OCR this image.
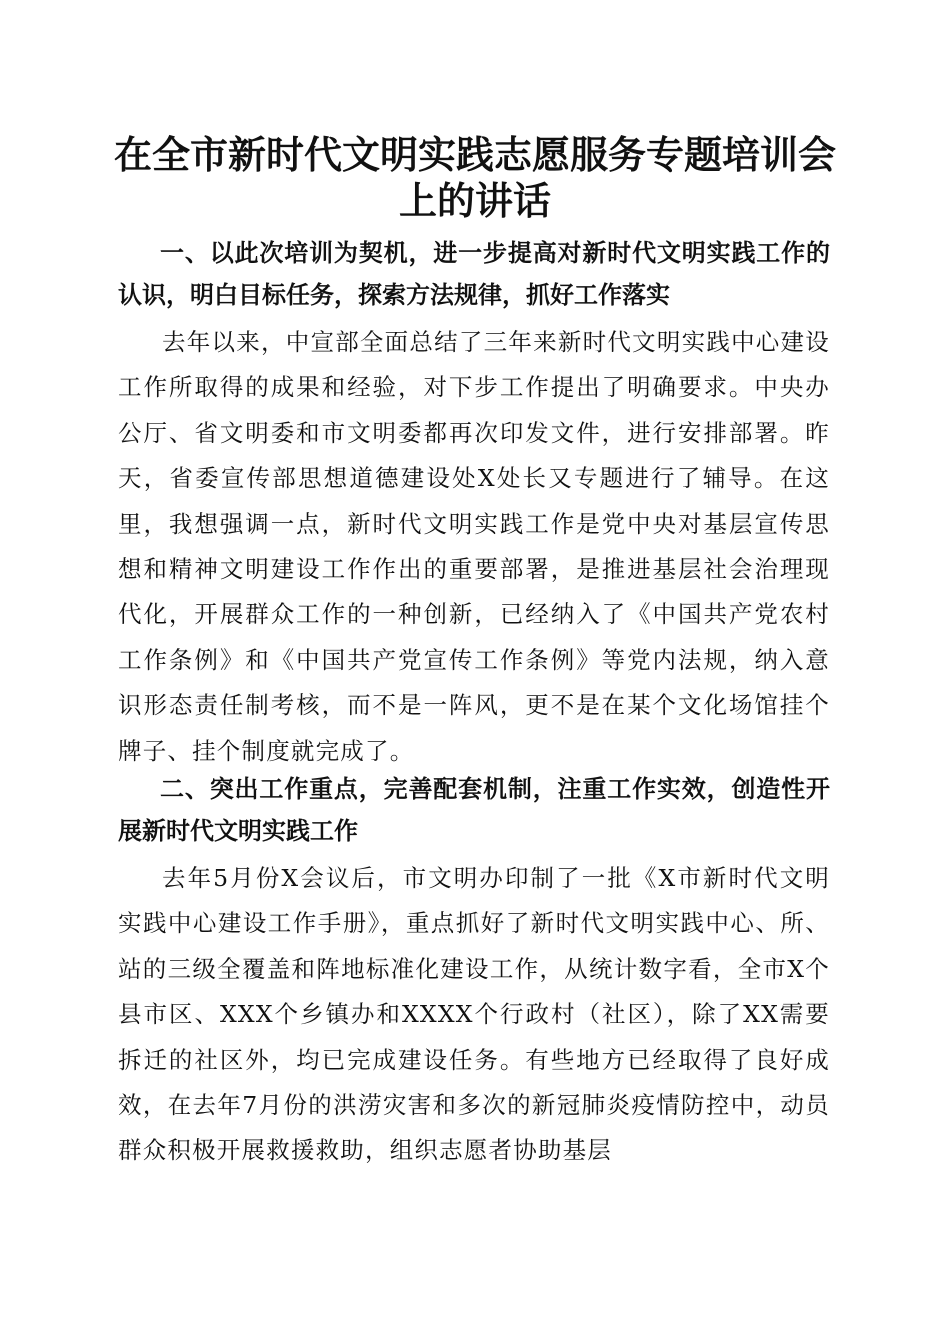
在全市新时代文明实践志愿服务专题培训会上的讲话
一、以此次培训为契机，进一步提高对新时代文明实践工作的认识，明白目标任务，探索方法规律，抓好工作落实

去年以来，中宣部全面总结了三年来新时代文明实践中心建设工作所取得的成果和经验，对下步工作提出了明确要求。中央办公厅、省文明委和市文明委都再次印发文件，进行安排部署。昨天，省委宣传部思想道德建设处X处长又专题进行了辅导。在这里，我想强调一点，新时代文明实践工作是党中央对基层宣传思想和精神文明建设工作作出的重要部署，是推进基层社会治理现代化，开展群众工作的一种创新，已经纳入了《中国共产党农村工作条例》和《中国共产党宣传工作条例》等党内法规，纳入意识形态责任制考核，而不是一阵风，更不是在某个文化场馆挂个牌子、挂个制度就完成了。

二、突出工作重点，完善配套机制，注重工作实效，创造性开展新时代文明实践工作

去年5月份X会议后，市文明办印制了一批《X市新时代文明实践中心建设工作手册》，重点抓好了新时代文明实践中心、所、站的三级全覆盖和阵地标准化建设工作，从统计数字看，全市X个县市区、XXX个乡镇办和XXXX个行政村（社区），除了XX需要拆迁的社区外，均已完成建设任务。有些地方已经取得了良好成效，在去年7月份的洪涝灾害和多次的新冠肺炎疫情防控中，动员群众积极开展救援救助，组织志愿者协助基层
